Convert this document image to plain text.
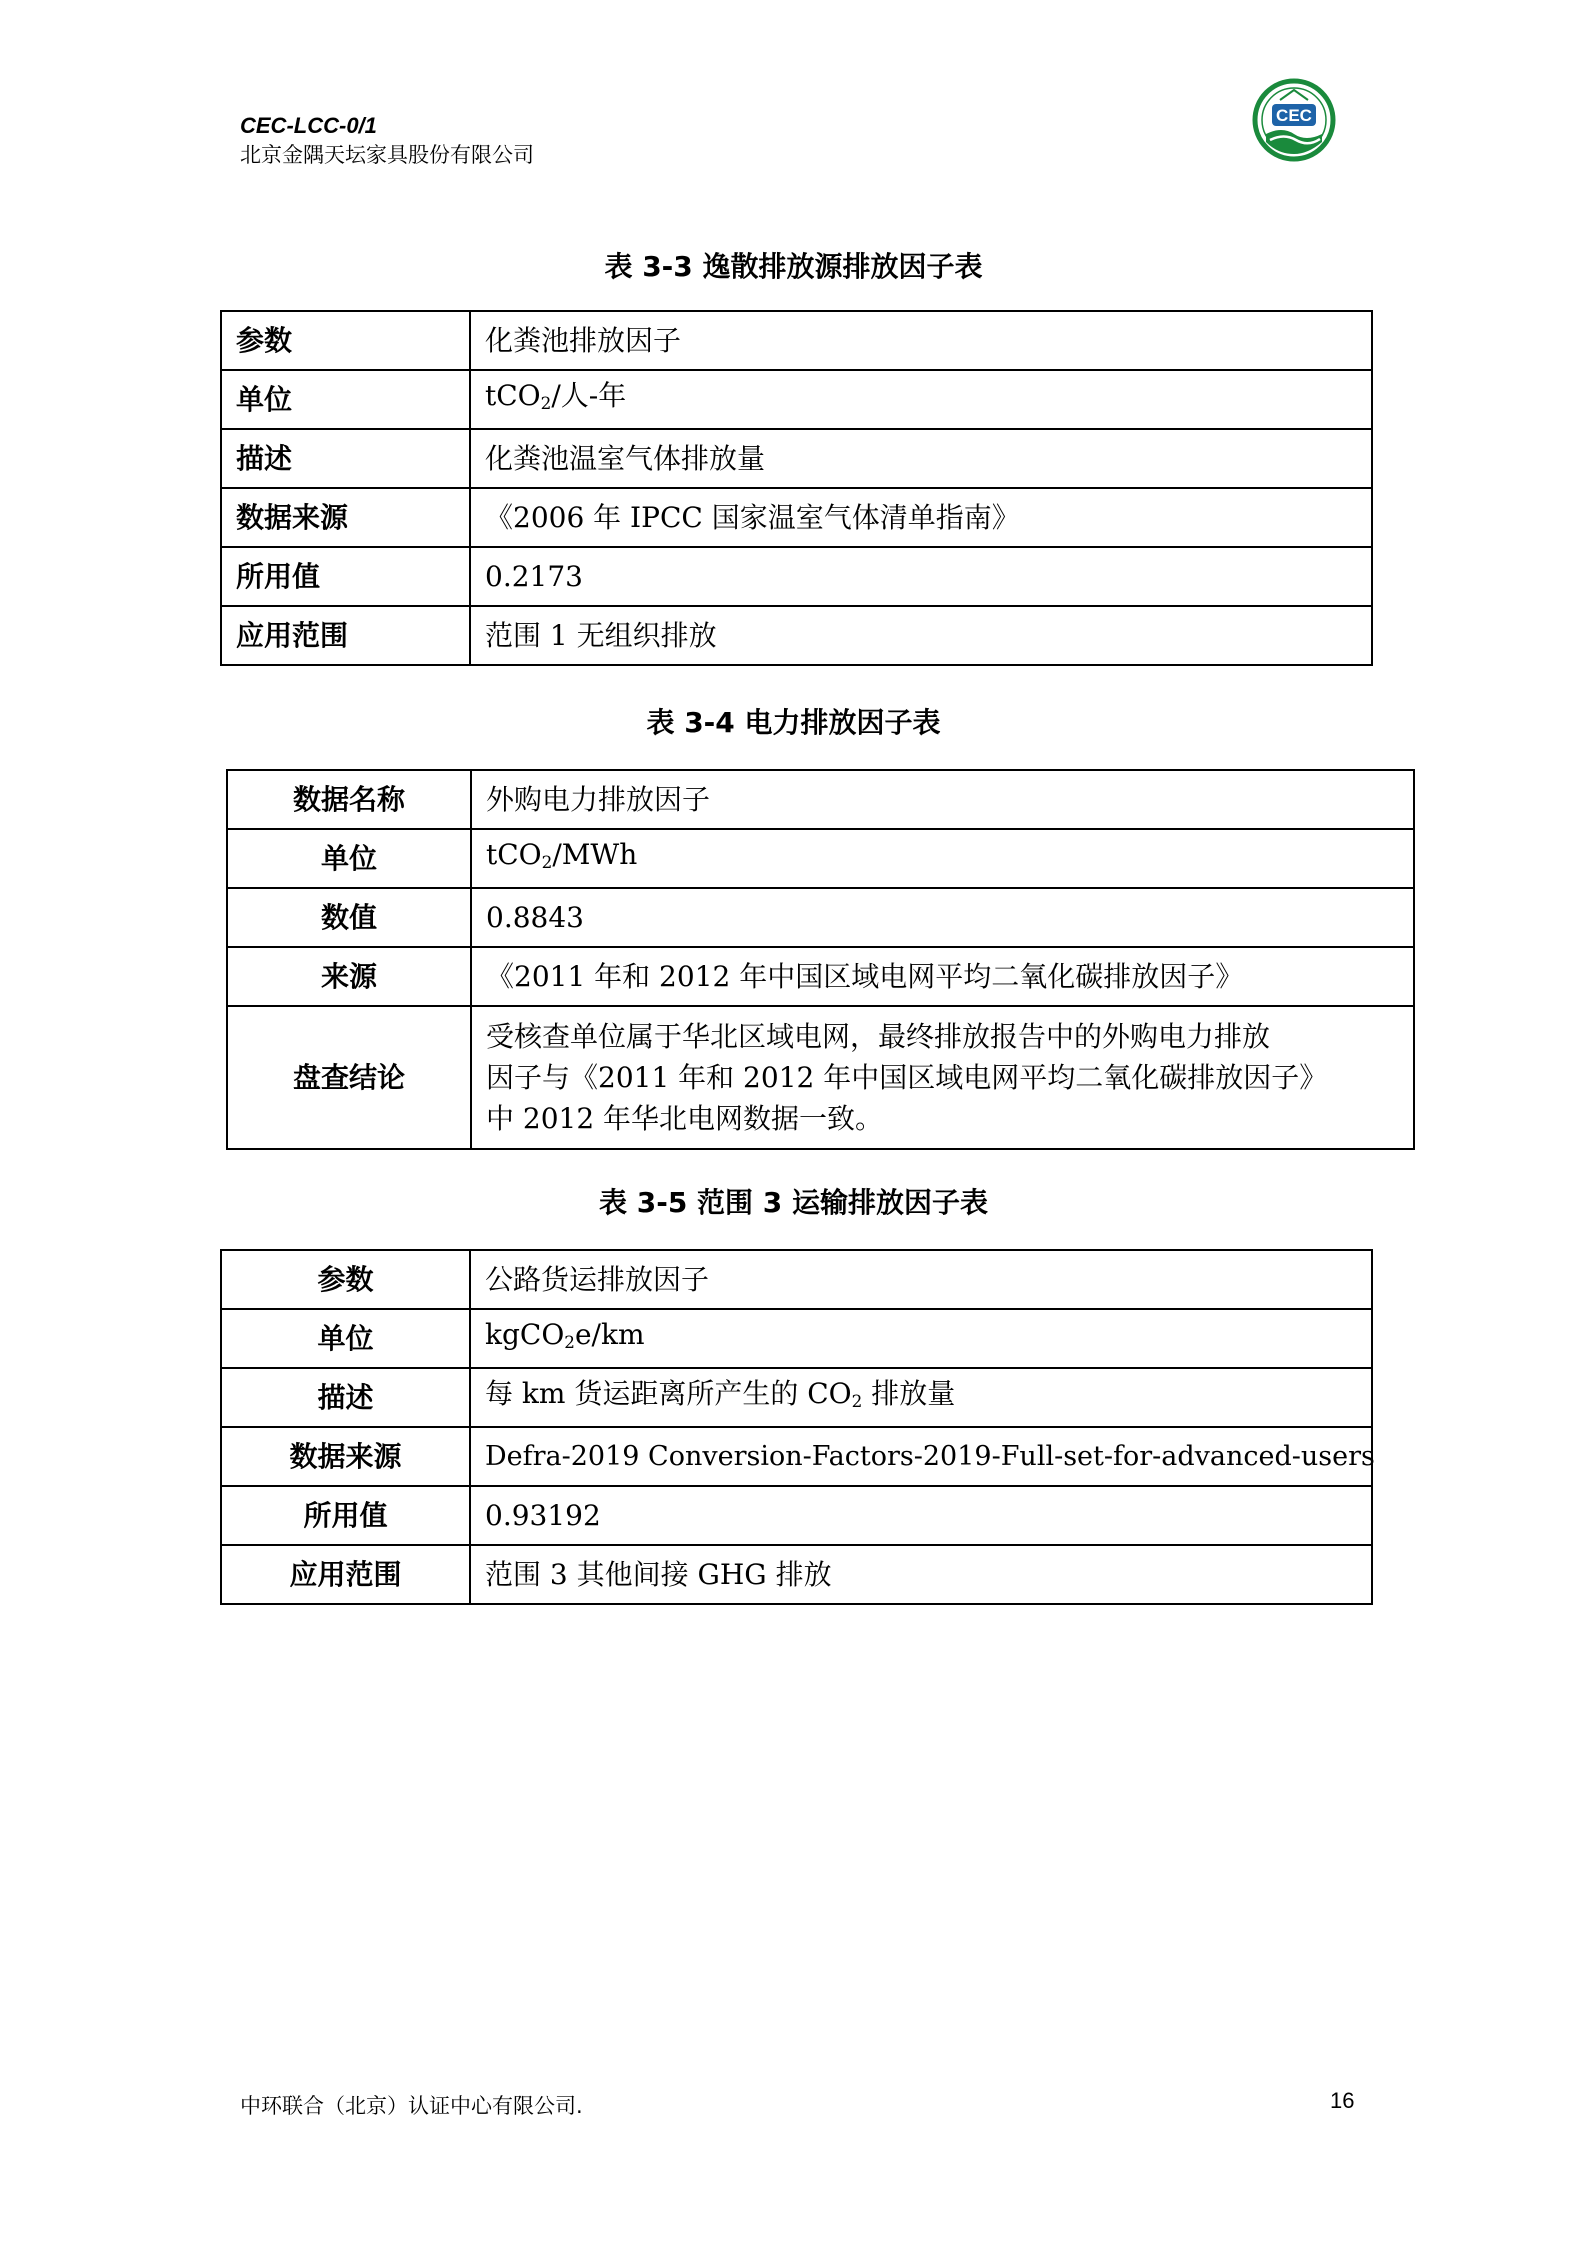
CEC-LCC-0/1
北京金隅天坛家具股份有限公司
CEC
表 3-3 逸散排放源排放因子表
参数	化粪池排放因子
单位	tCO$_2$/人-年
描述	化粪池温室气体排放量
数据来源	《2006 年 IPCC 国家温室气体清单指南》
所用值	0.2173
应用范围	范围 1 无组织排放
表 3-4 电力排放因子表
数据名称	外购电力排放因子
单位	tCO$_2$/MWh
数值	0.8843
来源	《2011 年和 2012 年中国区域电网平均二氧化碳排放因子》
盘查结论	受核查单位属于华北区域电网，最终排放报告中的外购电力排放
因子与《2011 年和 2012 年中国区域电网平均二氧化碳排放因子》
中 2012 年华北电网数据一致。
表 3-5 范围 3 运输排放因子表
参数	公路货运排放因子
单位	kgCO$_2$e/km
描述	每 km 货运距离所产生的 $CO_2$ 排放量
数据来源	Defra-2019 Conversion-Factors-2019-Full-set-for-advanced-users
所用值	0.93192
应用范围	范围 3 其他间接 GHG 排放
中环联合（北京）认证中心有限公司.	16
